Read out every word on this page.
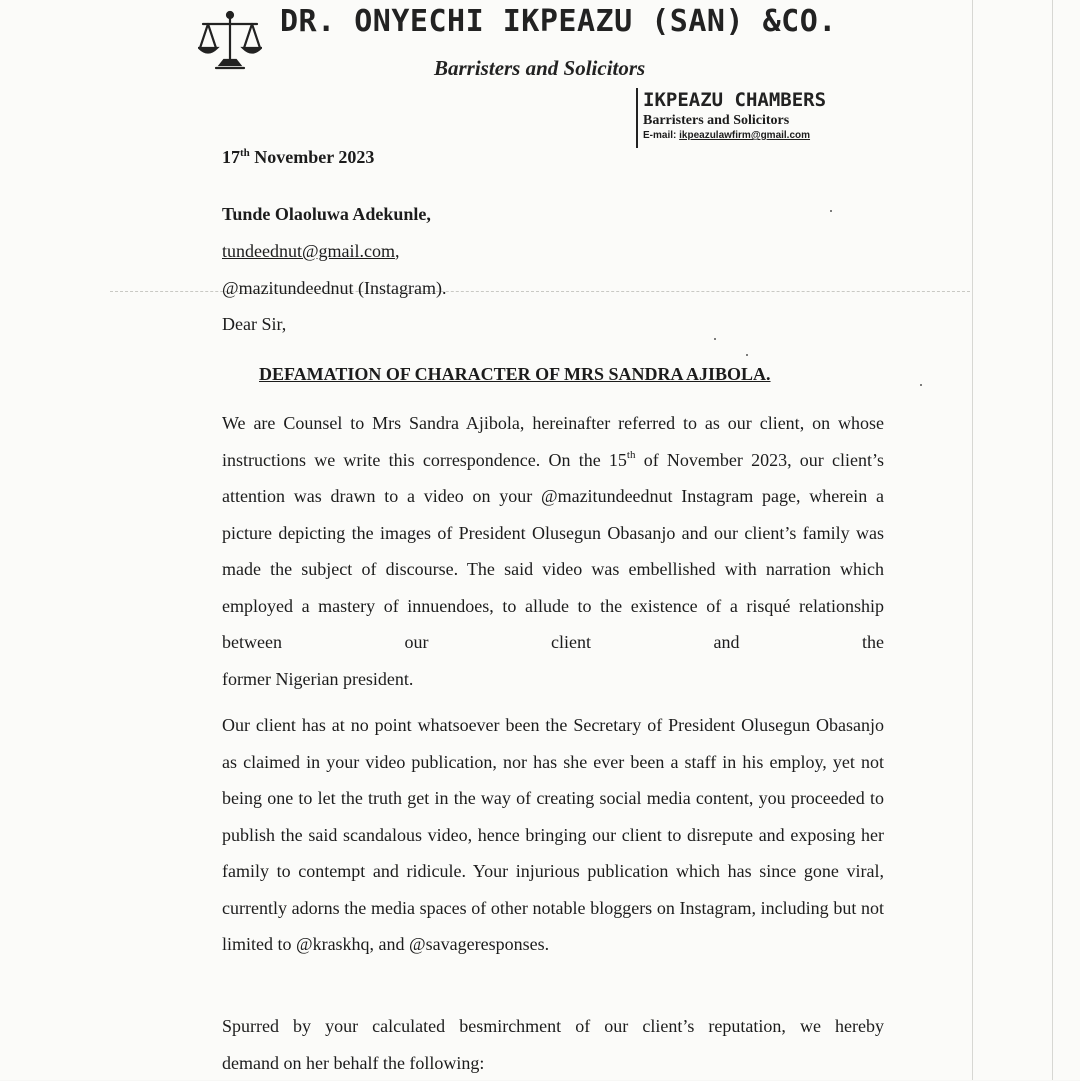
DR. ONYECHI IKPEAZU (SAN) &CO.
Barristers and Solicitors
IKPEAZU CHAMBERS
Barristers and Solicitors
E-mail: ikpeazulawfirm@gmail.com
17th November 2023
Tunde Olaoluwa Adekunle,
tundeednut@gmail.com,
@mazitundeednut (Instagram).
Dear Sir,
DEFAMATION OF CHARACTER OF MRS SANDRA AJIBOLA.

We are Counsel to Mrs Sandra Ajibola, hereinafter referred to as our client, on whose instructions we write this correspondence. On the 15th of November 2023, our client’s attention was drawn to a video on your @mazitundeednut Instagram page, wherein a picture depicting the images of President Olusegun Obasanjo and our client’s family was made the subject of discourse. The said video was embellished with narration which employed a mastery of innuendoes, to allude to the existence of a risqué relationship between our client and the
former Nigerian president.

Our client has at no point whatsoever been the Secretary of President Olusegun Obasanjo as claimed in your video publication, nor has she ever been a staff in his employ, yet not being one to let the truth get in the way of creating social media content, you proceeded to publish the said scandalous video, hence bringing our client to disrepute and exposing her family to contempt and ridicule. Your injurious publication which has since gone viral, currently adorns the media spaces of other notable bloggers on Instagram, including but not
limited to @kraskhq, and @savageresponses.

Spurred by your calculated besmirchment of our client’s reputation, we hereby
demand on her behalf the following:
